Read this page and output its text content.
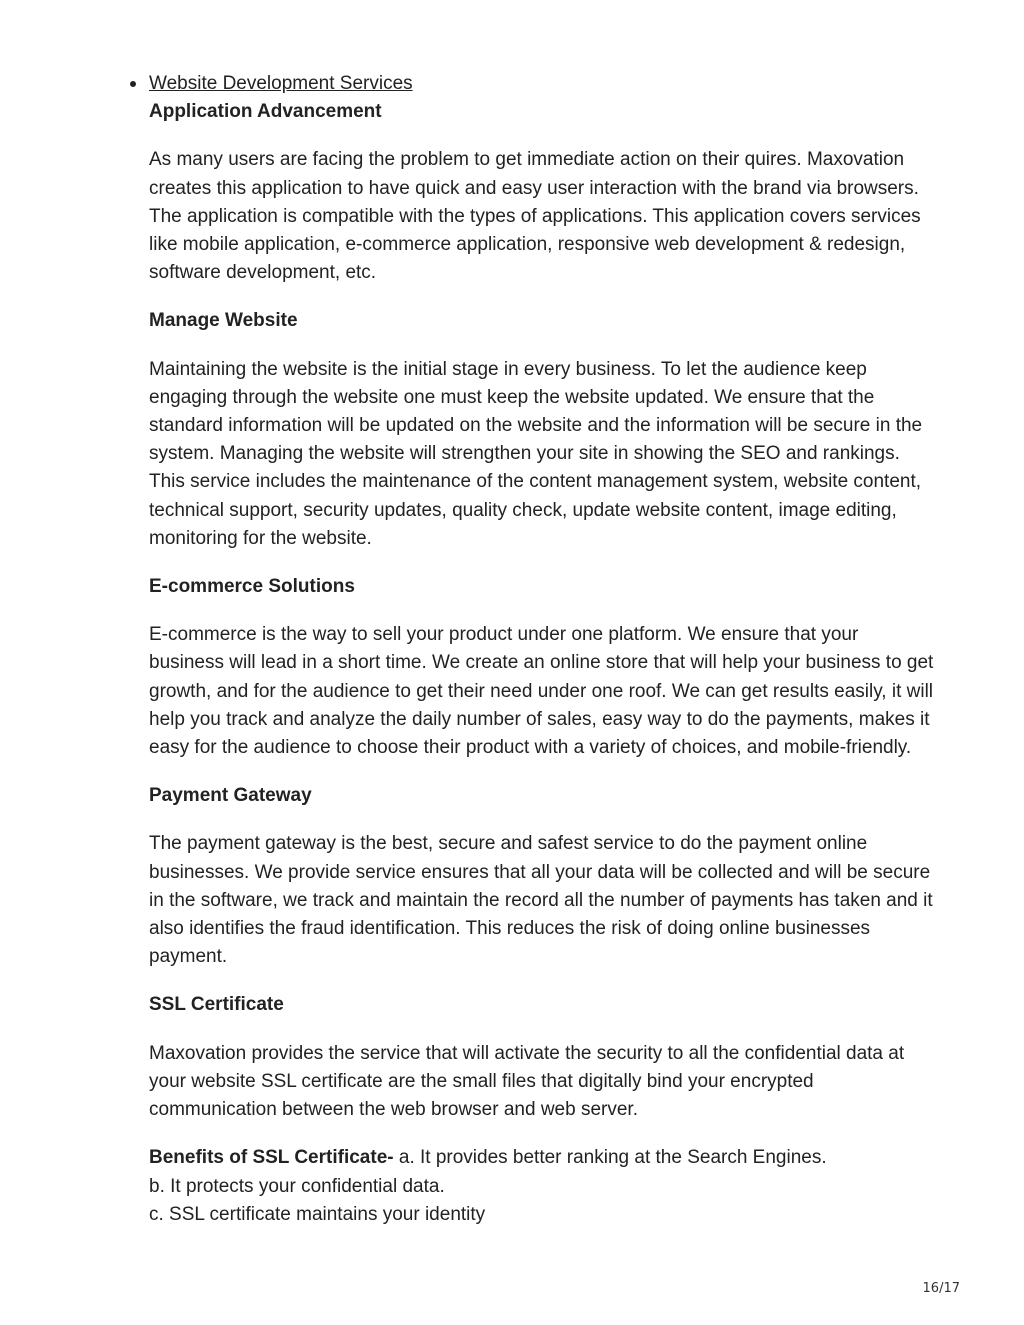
Website Development Services

Application Advancement

As many users are facing the problem to get immediate action on their quires. Maxovation creates this application to have quick and easy user interaction with the brand via browsers. The application is compatible with the types of applications. This application covers services like mobile application, e-commerce application, responsive web development & redesign, software development, etc.

Manage Website

Maintaining the website is the initial stage in every business. To let the audience keep engaging through the website one must keep the website updated. We ensure that the standard information will be updated on the website and the information will be secure in the system. Managing the website will strengthen your site in showing the SEO and rankings. This service includes the maintenance of the content management system, website content, technical support, security updates, quality check, update website content, image editing, monitoring for the website.

E-commerce Solutions

E-commerce is the way to sell your product under one platform. We ensure that your business will lead in a short time. We create an online store that will help your business to get growth, and for the audience to get their need under one roof. We can get results easily, it will help you track and analyze the daily number of sales, easy way to do the payments, makes it easy for the audience to choose their product with a variety of choices, and mobile-friendly.

Payment Gateway

The payment gateway is the best, secure and safest service to do the payment online businesses. We provide service ensures that all your data will be collected and will be secure in the software, we track and maintain the record all the number of payments has taken and it also identifies the fraud identification. This reduces the risk of doing online businesses payment.

SSL Certificate

Maxovation provides the service that will activate the security to all the confidential data at your website SSL certificate are the small files that digitally bind your encrypted communication between the web browser and web server.

Benefits of SSL Certificate- a. It provides better ranking at the Search Engines.
b. It protects your confidential data.
c. SSL certificate maintains your identity
16/17
